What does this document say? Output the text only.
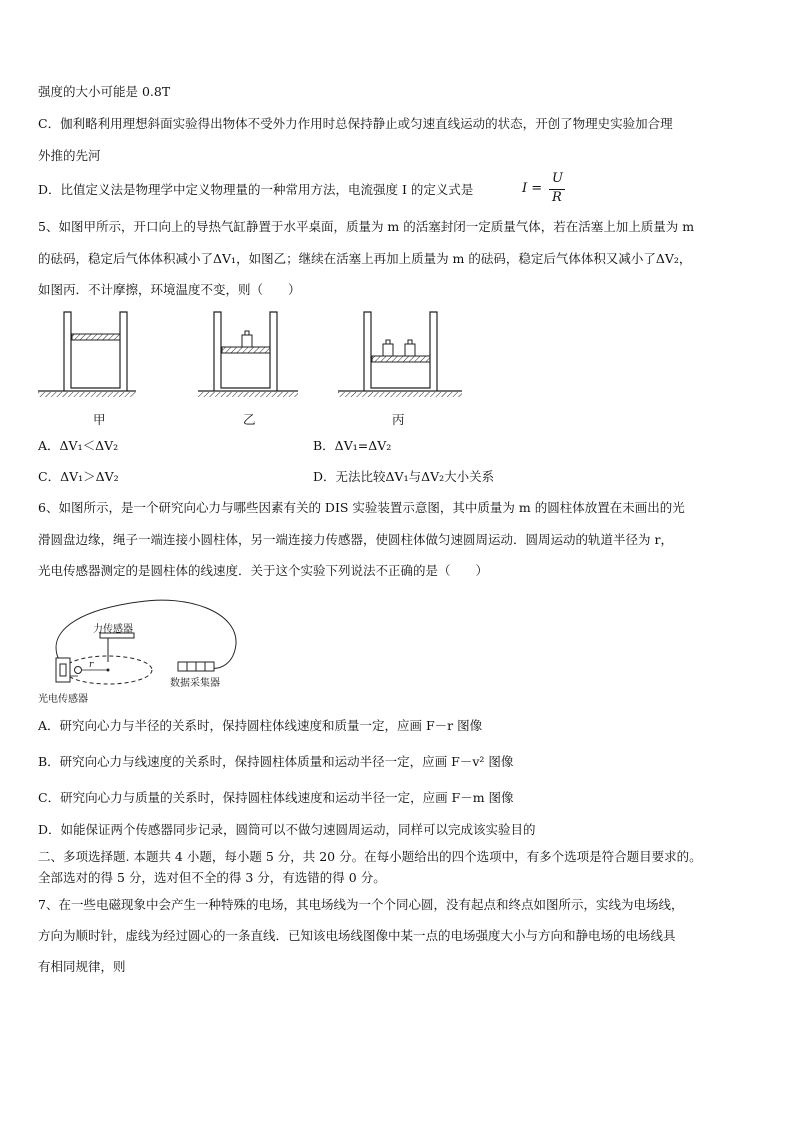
强度的大小可能是 0.8T
C．伽利略利用理想斜面实验得出物体不受外力作用时总保持静止或匀速直线运动的状态，开创了物理史实验加合理
外推的先河
D．比值定义法是物理学中定义物理量的一种常用方法，电流强度 I 的定义式是	I =
U
R
5、如图甲所示，开口向上的导热气缸静置于水平桌面，质量为 m 的活塞封闭一定质量气体，若在活塞上加上质量为 m
的砝码，稳定后气体体积减小了ΔV₁，如图乙；继续在活塞上再加上质量为 m 的砝码，稳定后气体体积又减小了ΔV₂，
如图丙．不计摩擦，环境温度不变，则（　　）
甲	乙	丙
A．ΔV₁＜ΔV₂	B．ΔV₁=ΔV₂
C．ΔV₁＞ΔV₂	D．无法比较ΔV₁与ΔV₂大小关系
6、如图所示，是一个研究向心力与哪些因素有关的 DIS 实验装置示意图，其中质量为 m 的圆柱体放置在未画出的光
滑圆盘边缘，绳子一端连接小圆柱体，另一端连接力传感器，使圆柱体做匀速圆周运动．圆周运动的轨道半径为 r，
光电传感器测定的是圆柱体的线速度．关于这个实验下列说法不正确的是（　　）
力传感器
数据采集器
光电传感器
r
A．研究向心力与半径的关系时，保持圆柱体线速度和质量一定，应画 F－r 图像
B．研究向心力与线速度的关系时，保持圆柱体质量和运动半径一定，应画 F－v² 图像
C．研究向心力与质量的关系时，保持圆柱体线速度和运动半径一定，应画 F－m 图像
D．如能保证两个传感器同步记录，圆筒可以不做匀速圆周运动，同样可以完成该实验目的
二、多项选择题. 本题共 4 小题，每小题 5 分，共 20 分。在每小题给出的四个选项中，有多个选项是符合题目要求的。
全部选对的得 5 分，选对但不全的得 3 分，有选错的得 0 分。
7、在一些电磁现象中会产生一种特殊的电场，其电场线为一个个同心圆，没有起点和终点如图所示，实线为电场线，
方向为顺时针，虚线为经过圆心的一条直线．已知该电场线图像中某一点的电场强度大小与方向和静电场的电场线具
有相同规律，则
